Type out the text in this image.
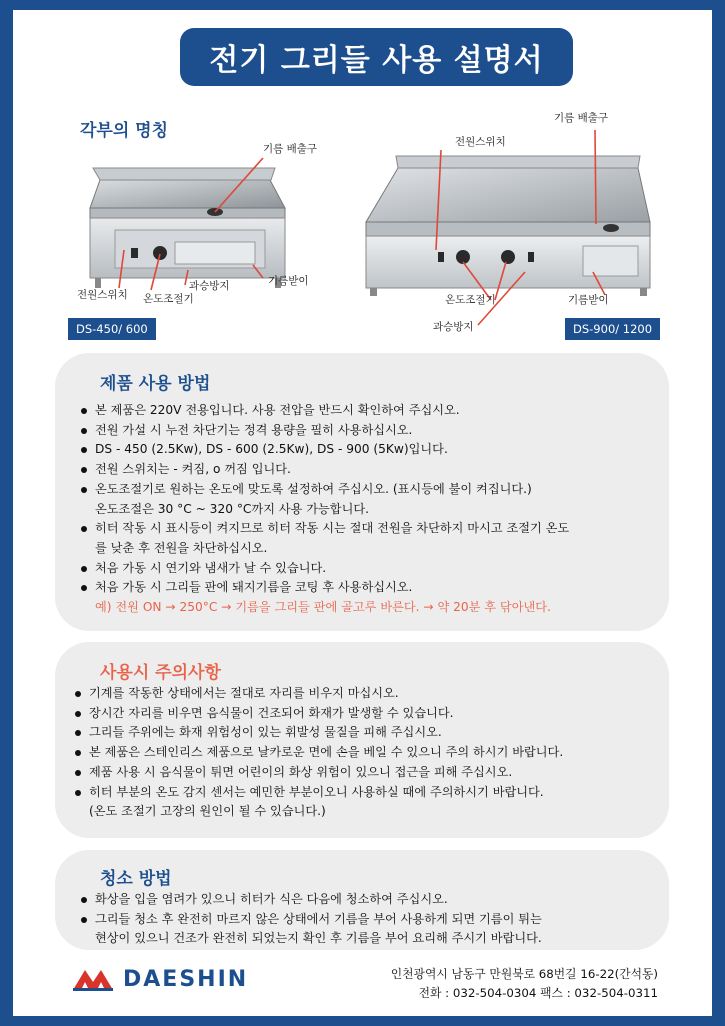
전기 그리들 사용 설명서
각부의 명칭
기름 배출구
전원스위치 온도조절기
과승방지	기름받이
DS-450/ 600
전원스위치
기름 배출구
온도조절기	기름받이
과승방지	DS-900/ 1200
제품 사용 방법
본 제품은 220V 전용입니다. 사용 전압을 반드시 확인하여 주십시오.
전원 가설 시 누전 차단기는 정격 용량을 필히 사용하십시오.
DS - 450 (2.5Kw), DS - 600 (2.5Kw), DS - 900 (5Kw)입니다.
전원 스위치는 - 켜짐, o 꺼짐 입니다.
온도조절기로 원하는 온도에 맞도록 설정하여 주십시오. (표시등에 불이 켜집니다.)
온도조절은 30 °C ~ 320 °C까지 사용 가능합니다.
히터 작동 시 표시등이 켜지므로 히터 작동 시는 절대 전원을 차단하지 마시고 조절기 온도
를 낮춘 후 전원을 차단하십시오.
처음 가동 시 연기와 냄새가 날 수 있습니다.
처음 가동 시 그리들 판에 돼지기름을 코팅 후 사용하십시오.
예) 전원 ON → 250°C → 기름을 그리들 판에 골고루 바른다. → 약 20분 후 닦아낸다.
사용시 주의사항
기계를 작동한 상태에서는 절대로 자리를 비우지 마십시오.
장시간 자리를 비우면 음식물이 건조되어 화재가 발생할 수 있습니다.
그리들 주위에는 화재 위험성이 있는 휘발성 물질을 피해 주십시오.
본 제품은 스테인리스 제품으로 날카로운 면에 손을 베일 수 있으니 주의 하시기 바랍니다.
제품 사용 시 음식물이 튀면 어린이의 화상 위험이 있으니 접근을 피해 주십시오.
히터 부분의 온도 감지 센서는 예민한 부분이오니 사용하실 때에 주의하시기 바랍니다.
(온도 조절기 고장의 원인이 될 수 있습니다.)
청소 방법
화상을 입을 염려가 있으니 히터가 식은 다음에 청소하여 주십시오.
그리들 청소 후 완전히 마르지 않은 상태에서 기름을 부어 사용하게 되면 기름이 튀는
현상이 있으니 건조가 완전히 되었는지 확인 후 기름을 부어 요리해 주시기 바랍니다.
DAESHIN	인천광역시 남동구 만원북로 68번길 16-22(간석동)
전화 : 032-504-0304 팩스 : 032-504-0311
